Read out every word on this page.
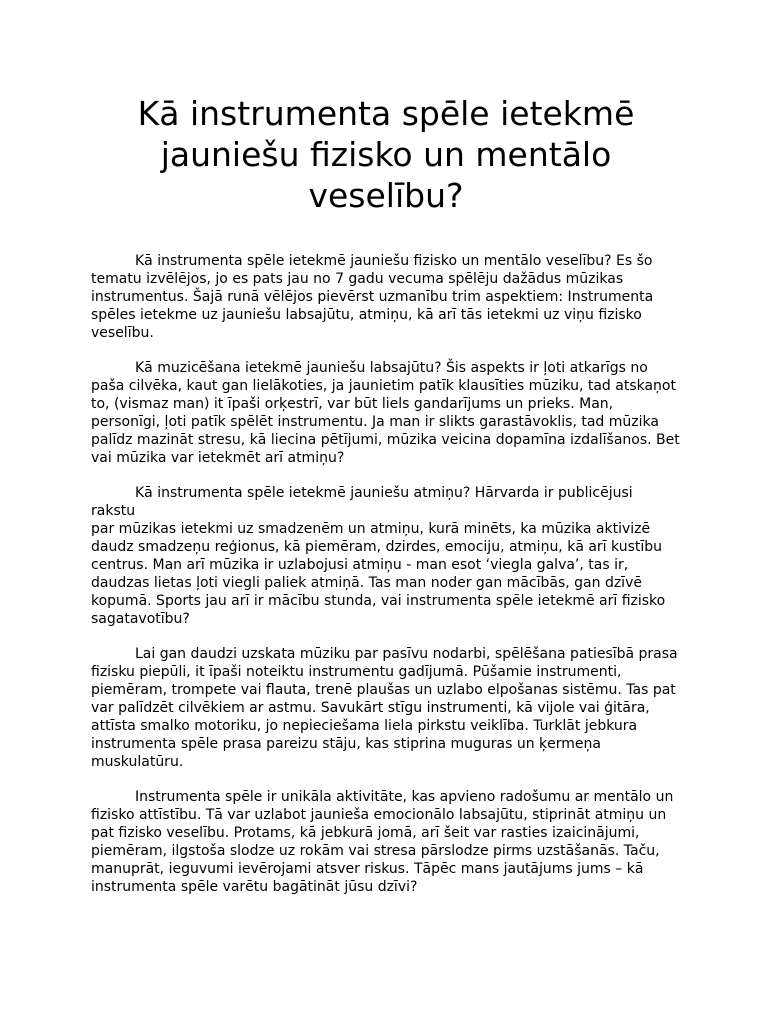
Kā instrumenta spēle ietekmē
jauniešu fizisko un mentālo
veselību?

Kā instrumenta spēle ietekmē jauniešu fizisko un mentālo veselību? Es šo
tematu izvēlējos, jo es pats jau no 7 gadu vecuma spēlēju dažādus mūzikas
instrumentus. Šajā runā vēlējos pievērst uzmanību trim aspektiem: Instrumenta
spēles ietekme uz jauniešu labsajūtu, atmiņu, kā arī tās ietekmi uz viņu fizisko
veselību.

Kā muzicēšana ietekmē jauniešu labsajūtu? Šis aspekts ir ļoti atkarīgs no
paša cilvēka, kaut gan lielākoties, ja jaunietim patīk klausīties mūziku, tad atskaņot
to, (vismaz man) it īpaši orķestrī, var būt liels gandarījums un prieks. Man,
personīgi, ļoti patīk spēlēt instrumentu. Ja man ir slikts garastāvoklis, tad mūzika
palīdz mazināt stresu, kā liecina pētījumi, mūzika veicina dopamīna izdalīšanos. Bet
vai mūzika var ietekmēt arī atmiņu?

Kā instrumenta spēle ietekmē jauniešu atmiņu? Hārvarda ir publicējusi rakstu
par mūzikas ietekmi uz smadzenēm un atmiņu, kurā minēts, ka mūzika aktivizē
daudz smadzeņu reģionus, kā piemēram, dzirdes, emociju, atmiņu, kā arī kustību
centrus. Man arī mūzika ir uzlabojusi atmiņu - man esot ‘viegla galva’, tas ir,
daudzas lietas ļoti viegli paliek atmiņā. Tas man noder gan mācībās, gan dzīvē
kopumā. Sports jau arī ir mācību stunda, vai instrumenta spēle ietekmē arī fizisko
sagatavotību?

Lai gan daudzi uzskata mūziku par pasīvu nodarbi, spēlēšana patiesībā prasa
fizisku piepūli, it īpaši noteiktu instrumentu gadījumā. Pūšamie instrumenti,
piemēram, trompete vai flauta, trenē plaušas un uzlabo elpošanas sistēmu. Tas pat
var palīdzēt cilvēkiem ar astmu. Savukārt stīgu instrumenti, kā vijole vai ģitāra,
attīsta smalko motoriku, jo nepieciešama liela pirkstu veiklība. Turklāt jebkura
instrumenta spēle prasa pareizu stāju, kas stiprina muguras un ķermeņa
muskulatūru.

Instrumenta spēle ir unikāla aktivitāte, kas apvieno radošumu ar mentālo un
fizisko attīstību. Tā var uzlabot jaunieša emocionālo labsajūtu, stiprināt atmiņu un
pat fizisko veselību. Protams, kā jebkurā jomā, arī šeit var rasties izaicinājumi,
piemēram, ilgstoša slodze uz rokām vai stresa pārslodze pirms uzstāšanās. Taču,
manuprāt, ieguvumi ievērojami atsver riskus. Tāpēc mans jautājums jums – kā
instrumenta spēle varētu bagātināt jūsu dzīvi?
